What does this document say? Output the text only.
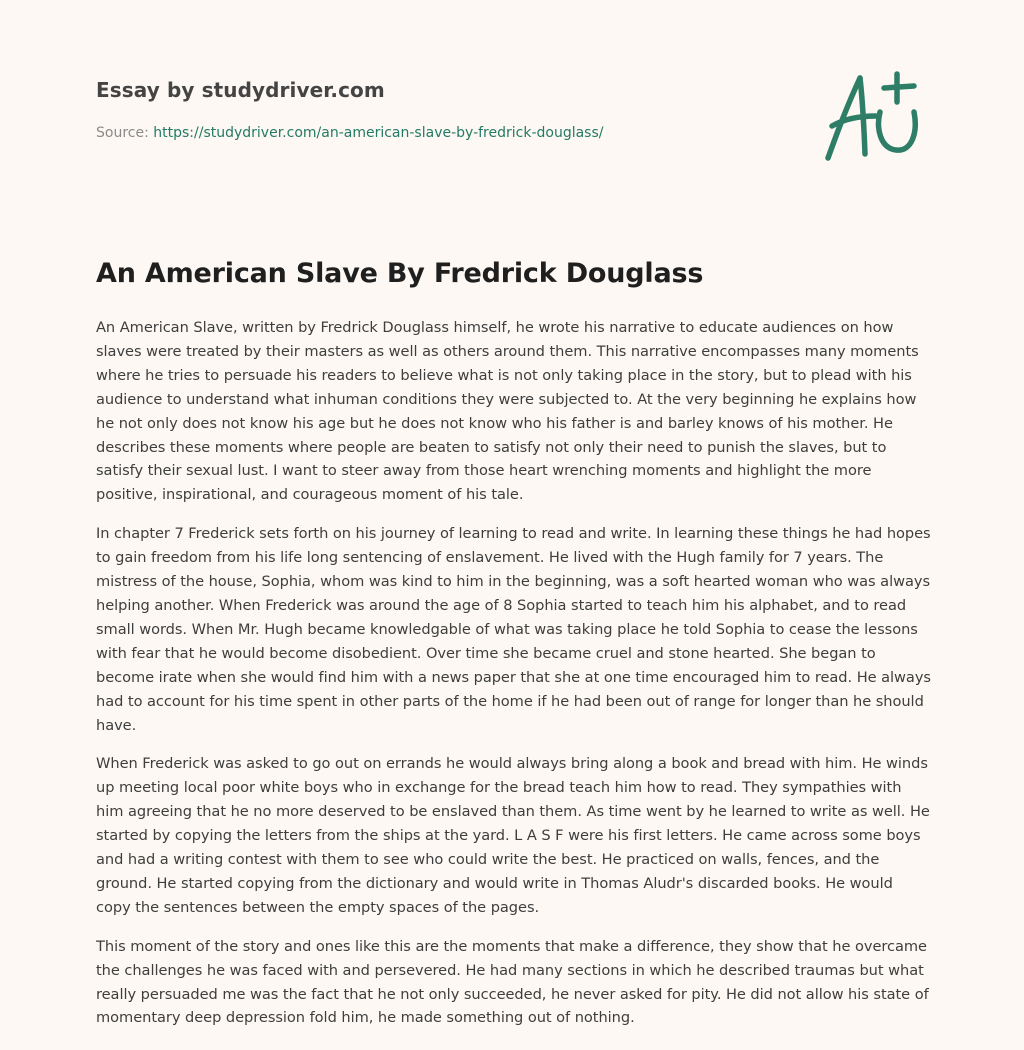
Essay by studydriver.com
Source: https://studydriver.com/an-american-slave-by-fredrick-douglass/
An American Slave By Fredrick Douglass

An American Slave, written by Fredrick Douglass himself, he wrote his narrative to educate audiences on how slaves were treated by their masters as well as others around them. This narrative encompasses many moments where he tries to persuade his readers to believe what is not only taking place in the story, but to plead with his audience to understand what inhuman conditions they were subjected to. At the very beginning he explains how he not only does not know his age but he does not know who his father is and barley knows of his mother. He describes these moments where people are beaten to satisfy not only their need to punish the slaves, but to satisfy their sexual lust. I want to steer away from those heart wrenching moments and highlight the more positive, inspirational, and courageous moment of his tale.

In chapter 7 Frederick sets forth on his journey of learning to read and write. In learning these things he had hopes to gain freedom from his life long sentencing of enslavement. He lived with the Hugh family for 7 years. The mistress of the house, Sophia, whom was kind to him in the beginning, was a soft hearted woman who was always helping another. When Frederick was around the age of 8 Sophia started to teach him his alphabet, and to read small words. When Mr. Hugh became knowledgable of what was taking place he told Sophia to cease the lessons with fear that he would become disobedient. Over time she became cruel and stone hearted. She began to become irate when she would find him with a news paper that she at one time encouraged him to read. He always had to account for his time spent in other parts of the home if he had been out of range for longer than he should have.

When Frederick was asked to go out on errands he would always bring along a book and bread with him. He winds up meeting local poor white boys who in exchange for the bread teach him how to read. They sympathies with him agreeing that he no more deserved to be enslaved than them. As time went by he learned to write as well. He started by copying the letters from the ships at the yard. L A S F were his first letters. He came across some boys and had a writing contest with them to see who could write the best. He practiced on walls, fences, and the ground. He started copying from the dictionary and would write in Thomas Aludr's discarded books. He would copy the sentences between the empty spaces of the pages.

This moment of the story and ones like this are the moments that make a difference, they show that he overcame the challenges he was faced with and persevered. He had many sections in which he described traumas but what really persuaded me was the fact that he not only succeeded, he never asked for pity. He did not allow his state of momentary deep depression fold him, he made something out of nothing.
